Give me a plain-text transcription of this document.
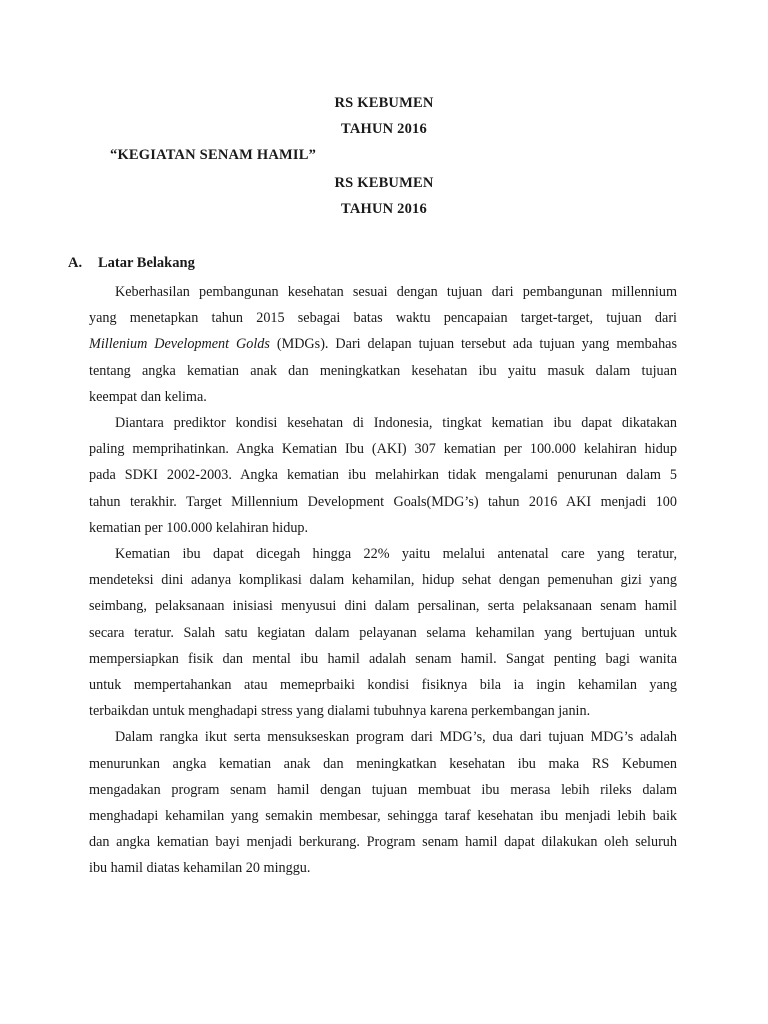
RS KEBUMEN
TAHUN 2016
“KEGIATAN SENAM HAMIL”
RS KEBUMEN
TAHUN 2016
A. Latar Belakang

Keberhasilan pembangunan kesehatan sesuai dengan tujuan dari pembangunan millennium
yang menetapkan tahun 2015 sebagai batas waktu pencapaian target-target, tujuan dari
Millenium Development Golds (MDGs). Dari delapan tujuan tersebut ada tujuan yang membahas
tentang angka kematian anak dan meningkatkan kesehatan ibu yaitu masuk dalam tujuan
keempat dan kelima.

Diantara prediktor kondisi kesehatan di Indonesia, tingkat kematian ibu dapat dikatakan
paling memprihatinkan. Angka Kematian Ibu (AKI) 307 kematian per 100.000 kelahiran hidup
pada SDKI 2002-2003. Angka kematian ibu melahirkan tidak mengalami penurunan dalam 5
tahun terakhir. Target Millennium Development Goals(MDG’s) tahun 2016 AKI menjadi 100
kematian per 100.000 kelahiran hidup.

Kematian ibu dapat dicegah hingga 22% yaitu melalui antenatal care yang teratur,
mendeteksi dini adanya komplikasi dalam kehamilan, hidup sehat dengan pemenuhan gizi yang
seimbang, pelaksanaan inisiasi menyusui dini dalam persalinan, serta pelaksanaan senam hamil
secara teratur. Salah satu kegiatan dalam pelayanan selama kehamilan yang bertujuan untuk
mempersiapkan fisik dan mental ibu hamil adalah senam hamil. Sangat penting bagi wanita
untuk mempertahankan atau memeprbaiki kondisi fisiknya bila ia ingin kehamilan yang
terbaikdan untuk menghadapi stress yang dialami tubuhnya karena perkembangan janin.

Dalam rangka ikut serta mensukseskan program dari MDG’s, dua dari tujuan MDG’s adalah
menurunkan angka kematian anak dan meningkatkan kesehatan ibu maka RS Kebumen
mengadakan program senam hamil dengan tujuan membuat ibu merasa lebih rileks dalam
menghadapi kehamilan yang semakin membesar, sehingga taraf kesehatan ibu menjadi lebih baik
dan angka kematian bayi menjadi berkurang. Program senam hamil dapat dilakukan oleh seluruh
ibu hamil diatas kehamilan 20 minggu.
